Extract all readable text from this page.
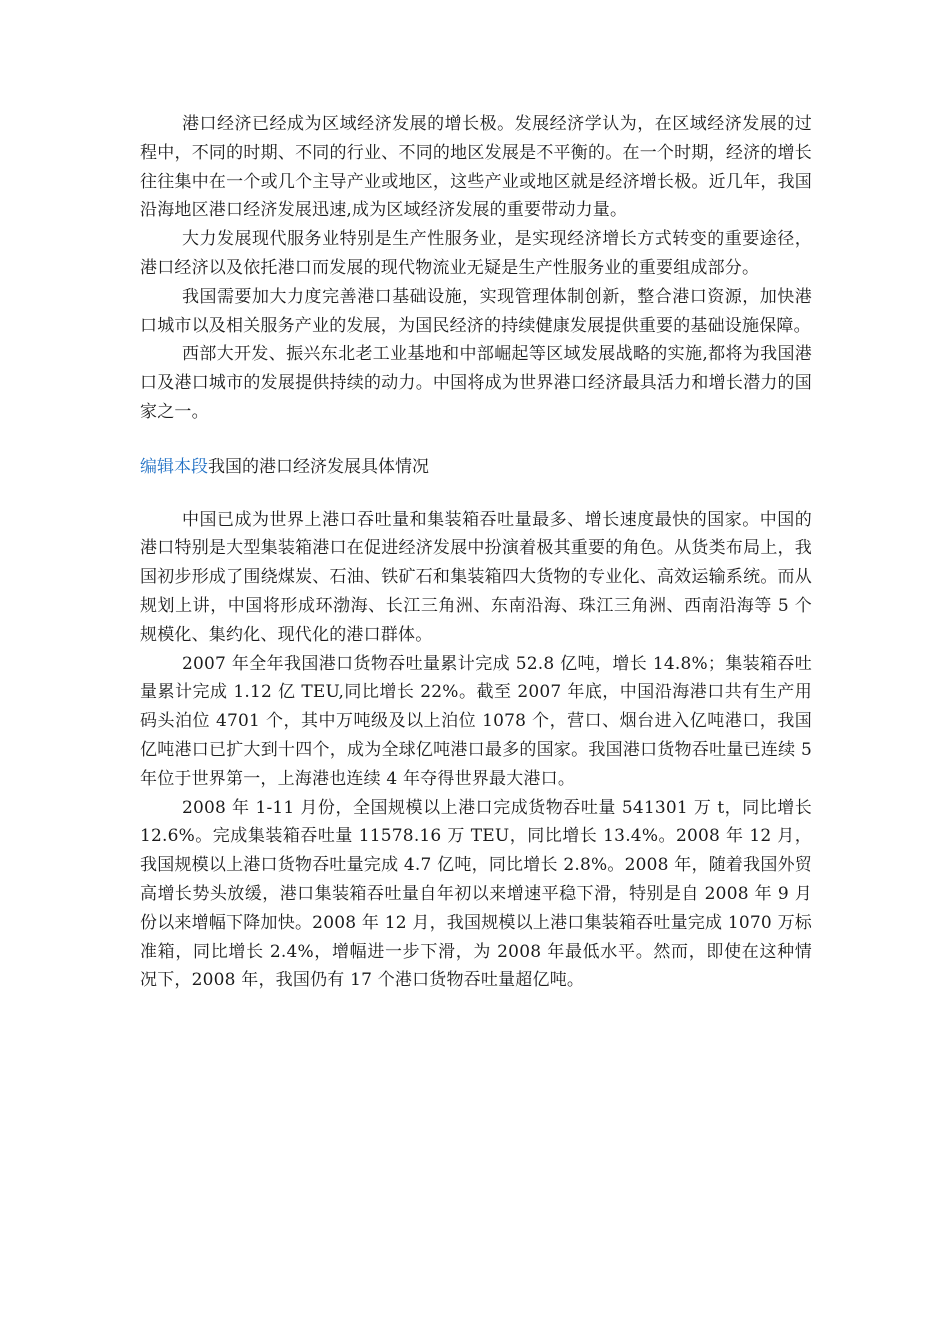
港口经济已经成为区域经济发展的增长极。发展经济学认为，在区域经济发展的过程中，不同的时期、不同的行业、不同的地区发展是不平衡的。在一个时期，经济的增长往往集中在一个或几个主导产业或地区，这些产业或地区就是经济增长极。近几年，我国沿海地区港口经济发展迅速,成为区域经济发展的重要带动力量。

大力发展现代服务业特别是生产性服务业，是实现经济增长方式转变的重要途径，港口经济以及依托港口而发展的现代物流业无疑是生产性服务业的重要组成部分。

我国需要加大力度完善港口基础设施，实现管理体制创新，整合港口资源，加快港口城市以及相关服务产业的发展，为国民经济的持续健康发展提供重要的基础设施保障。

西部大开发、振兴东北老工业基地和中部崛起等区域发展战略的实施,都将为我国港口及港口城市的发展提供持续的动力。中国将成为世界港口经济最具活力和增长潜力的国家之一。

编辑本段我国的港口经济发展具体情况

中国已成为世界上港口吞吐量和集装箱吞吐量最多、增长速度最快的国家。中国的港口特别是大型集装箱港口在促进经济发展中扮演着极其重要的角色。从货类布局上，我国初步形成了围绕煤炭、石油、铁矿石和集装箱四大货物的专业化、高效运输系统。而从规划上讲，中国将形成环渤海、长江三角洲、东南沿海、珠江三角洲、西南沿海等 5 个规模化、集约化、现代化的港口群体。

2007 年全年我国港口货物吞吐量累计完成 52.8 亿吨，增长 14.8%；集装箱吞吐量累计完成 1.12 亿 TEU,同比增长 22%。截至 2007 年底，中国沿海港口共有生产用码头泊位 4701 个，其中万吨级及以上泊位 1078 个，营口、烟台进入亿吨港口，我国亿吨港口已扩大到十四个，成为全球亿吨港口最多的国家。我国港口货物吞吐量已连续 5 年位于世界第一，上海港也连续 4 年夺得世界最大港口。

2008 年 1-11 月份，全国规模以上港口完成货物吞吐量 541301 万 t，同比增长 12.6%。完成集装箱吞吐量 11578.16 万 TEU，同比增长 13.4%。2008 年 12 月，我国规模以上港口货物吞吐量完成 4.7 亿吨，同比增长 2.8%。2008 年，随着我国外贸高增长势头放缓，港口集装箱吞吐量自年初以来增速平稳下滑，特别是自 2008 年 9 月份以来增幅下降加快。2008 年 12 月，我国规模以上港口集装箱吞吐量完成 1070 万标准箱，同比增长 2.4%，增幅进一步下滑，为 2008 年最低水平。然而，即使在这种情况下，2008 年，我国仍有 17 个港口货物吞吐量超亿吨。
